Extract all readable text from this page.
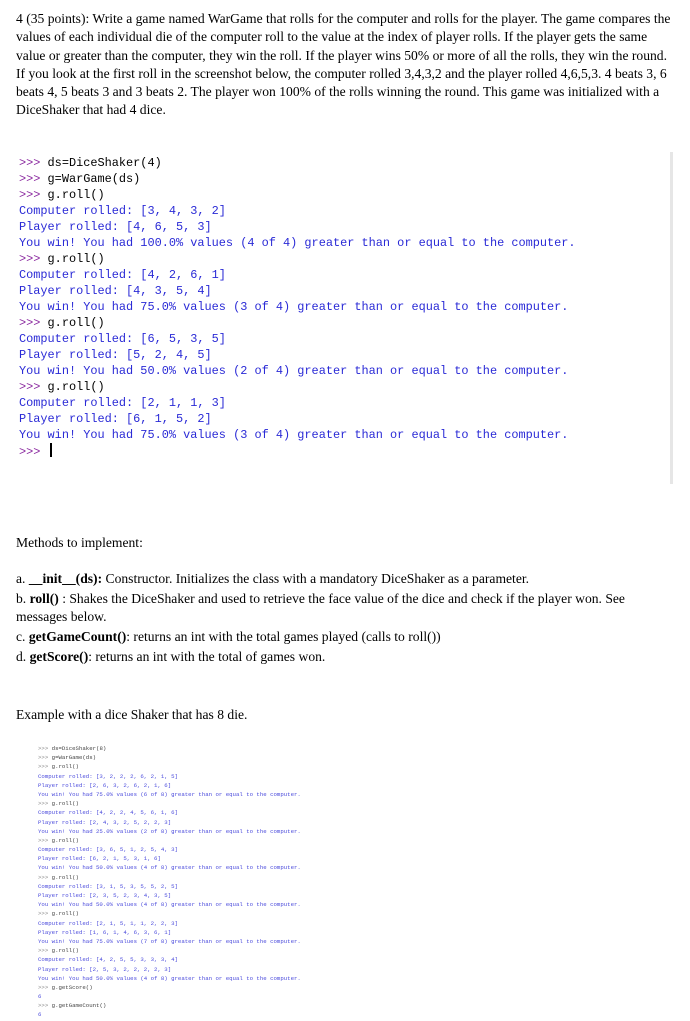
4 (35 points): Write a game named WarGame that rolls for the computer and rolls for the player. The game compares the values of each individual die of the computer roll to the value at the index of player rolls. If the player gets the same value or greater than the computer, they win the roll. If the player wins 50% or more of all the rolls, they win the round.
If you look at the first roll in the screenshot below, the computer rolled 3,4,3,2 and the player rolled 4,6,5,3. 4 beats 3, 6 beats 4, 5 beats 3 and 3 beats 2. The player won 100% of the rolls winning the round. This game was initialized with a DiceShaker that had 4 dice.
>>> ds=DiceShaker(4)
>>> g=WarGame(ds)
>>> g.roll()
Computer rolled: [3, 4, 3, 2]
Player rolled: [4, 6, 5, 3]
You win! You had 100.0% values (4 of 4) greater than or equal to the computer.
>>> g.roll()
Computer rolled: [4, 2, 6, 1]
Player rolled: [4, 3, 5, 4]
You win! You had 75.0% values (3 of 4) greater than or equal to the computer.
>>> g.roll()
Computer rolled: [6, 5, 3, 5]
Player rolled: [5, 2, 4, 5]
You win! You had 50.0% values (2 of 4) greater than or equal to the computer.
>>> g.roll()
Computer rolled: [2, 1, 1, 3]
Player rolled: [6, 1, 5, 2]
You win! You had 75.0% values (3 of 4) greater than or equal to the computer.
>>>
Methods to implement:
a. __init__(ds): Constructor. Initializes the class with a mandatory DiceShaker as a parameter.
b. roll() : Shakes the DiceShaker and used to retrieve the face value of the dice and check if the player won. See messages below.
c. getGameCount(): returns an int with the total games played (calls to roll())
d. getScore(): returns an int with the total of games won.
Example with a dice Shaker that has 8 die.
>>> ds=DiceShaker(8)
>>> g=WarGame(ds)
>>> g.roll()
Computer rolled: [3, 2, 2, 2, 6, 2, 1, 5]
Player rolled: [2, 6, 3, 2, 6, 2, 1, 6]
You win! You had 75.0% values (6 of 8) greater than or equal to the computer.
>>> g.roll()
Computer rolled: [4, 2, 2, 4, 5, 6, 1, 6]
Player rolled: [2, 4, 3, 2, 5, 2, 2, 3]
You win! You had 25.0% values (2 of 8) greater than or equal to the computer.
>>> g.roll()
Computer rolled: [3, 6, 5, 1, 2, 5, 4, 3]
Player rolled: [6, 2, 1, 5, 3, 1, 6]
You win! You had 50.0% values (4 of 8) greater than or equal to the computer.
>>> g.roll()
Computer rolled: [3, 1, 5, 3, 5, 5, 2, 5]
Player rolled: [2, 3, 5, 2, 3, 4, 3, 5]
You win! You had 50.0% values (4 of 8) greater than or equal to the computer.
>>> g.roll()
Computer rolled: [2, 1, 5, 1, 1, 2, 2, 3]
Player rolled: [1, 6, 1, 4, 6, 3, 6, 1]
You win! You had 75.0% values (7 of 8) greater than or equal to the computer.
>>> g.roll()
Computer rolled: [4, 2, 5, 5, 3, 3, 3, 4]
Player rolled: [2, 5, 3, 2, 2, 2, 2, 3]
You win! You had 50.0% values (4 of 8) greater than or equal to the computer.
>>> g.getScore()
6
>>> g.getGameCount()
6
